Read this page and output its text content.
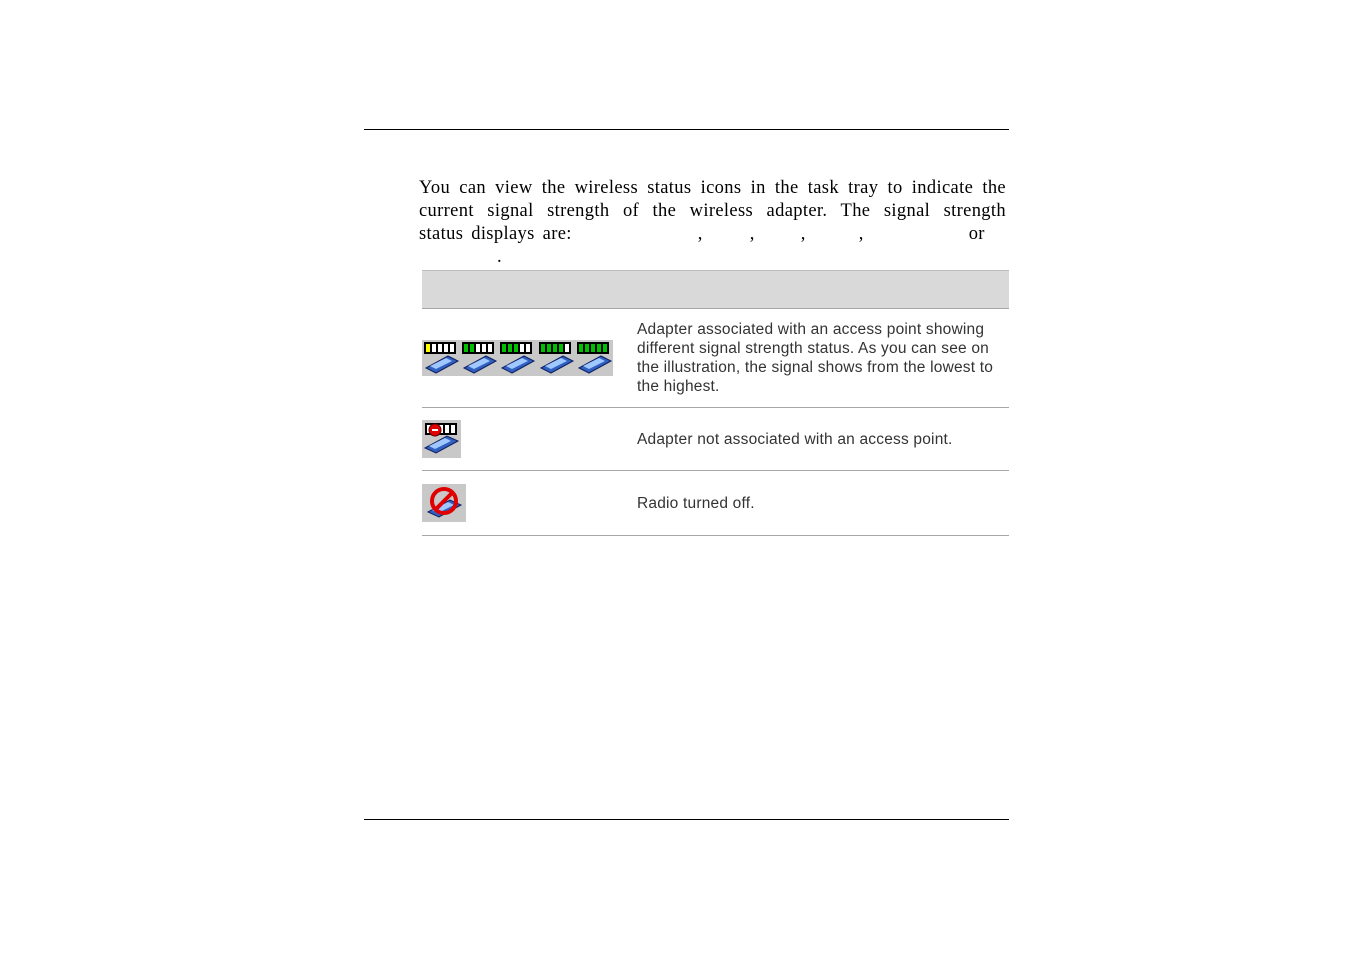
You can view the wireless status icons in the task tray to indicate the
current signal strength of the wireless adapter. The signal strength
status displays are:	,	, ,	,	or
.

	Adapter associated with an access point showing different signal strength status. As you can see on the illustration, the signal shows from the lowest to the highest.

	Adapter not associated with an access point.

	Radio turned off.
